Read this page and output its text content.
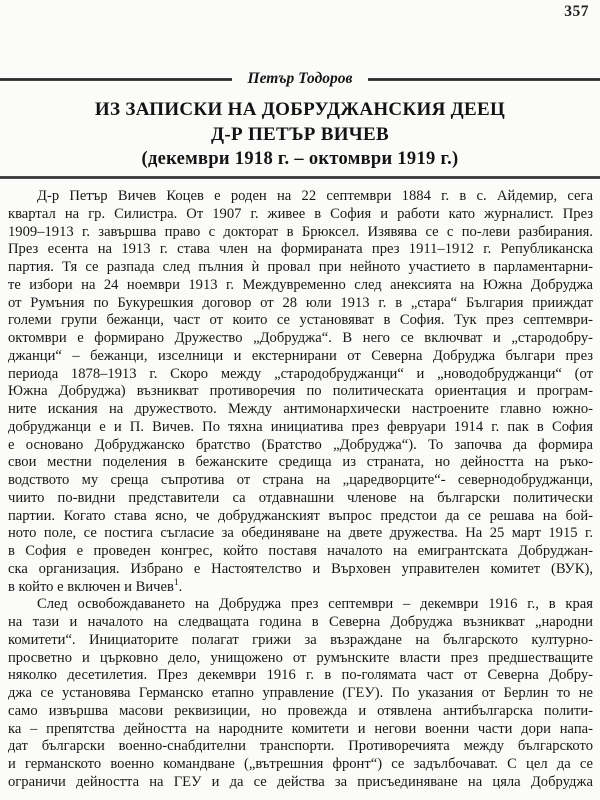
357
Петър Тодоров
ИЗ ЗАПИСКИ НА ДОБРУДЖАНСКИЯ ДЕЕЦ
Д-Р ПЕТЪР ВИЧЕВ
(декември 1918 г. – октомври 1919 г.)
Д-р Петър Вичев Коцев е роден на 22 септември 1884 г. в с. Айдемир, сега
квартал на гр. Силистра. От 1907 г. живее в София и работи като журналист. През
1909–1913 г. завършва право с докторат в Брюксел. Изявява се с по-леви разбирания.
През есента на 1913 г. става член на формираната през 1911–1912 г. Републиканска
партия. Тя се разпада след пълния ѝ провал при нейното участието в парламентарни-
те избори на 24 ноември 1913 г. Междувременно след анексията на Южна Добруджа
от Румъния по Букурешкия договор от 28 юли 1913 г. в „стара“ България прииждат
големи групи бежанци, част от които се установяват в София. Тук през септември-
октомври е формирано Дружество „Добруджа“. В него се включват и „стародобру-
джанци“ – бежанци, изселници и екстернирани от Северна Добруджа българи през
периода 1878–1913 г. Скоро между „стародобруджанци“ и „новодобруджанци“ (от
Южна Добруджа) възникват противоречия по политическата ориентация и програм-
ните искания на дружеството. Между антимонархически настроените главно южно-
добруджанци е и П. Вичев. По тяхна инициатива през февруари 1914 г. пак в София
е основано Добруджанско братство (Братство „Добруджа“). То започва да формира
свои местни поделения в бежанските средища из страната, но дейността на ръко-
водството му среща съпротива от страна на „царедворците“- севернодобруджанци,
чиито по-видни представители са отдавнашни членове на български политически
партии. Когато става ясно, че добруджанският въпрос предстои да се решава на бой-
ното поле, се постига съгласие за обединяване на двете дружества. На 25 март 1915 г.
в София е проведен конгрес, който поставя началото на емигрантската Добруджан-
ска организация. Избрано е Настоятелство и Върховен управителен комитет (ВУК),
в който е включен и Вичев$^1$.
След освобождаването на Добруджа през септември – декември 1916 г., в края
на тази и началото на следващата година в Северна Добруджа възникват „народни
комитети“. Инициаторите полагат грижи за възраждане на българското културно-
просветно и църковно дело, унищожено от румънските власти през предшестващите
няколко десетилетия. През декември 1916 г. в по-голямата част от Северна Добру-
джа се установява Германско етапно управление (ГЕУ). По указания от Берлин то не
само извършва масови реквизиции, но провежда и отявлена антибългарска полити-
ка – препятства дейността на народните комитети и негови военни части дори напа-
дат български военно-снабдителни транспорти. Противоречията между българското
и германското военно командване („вътрешния фронт“) се задълбочават. С цел да се
ограничи дейността на ГЕУ и да се действа за присъединяване на цяла Добруджа
